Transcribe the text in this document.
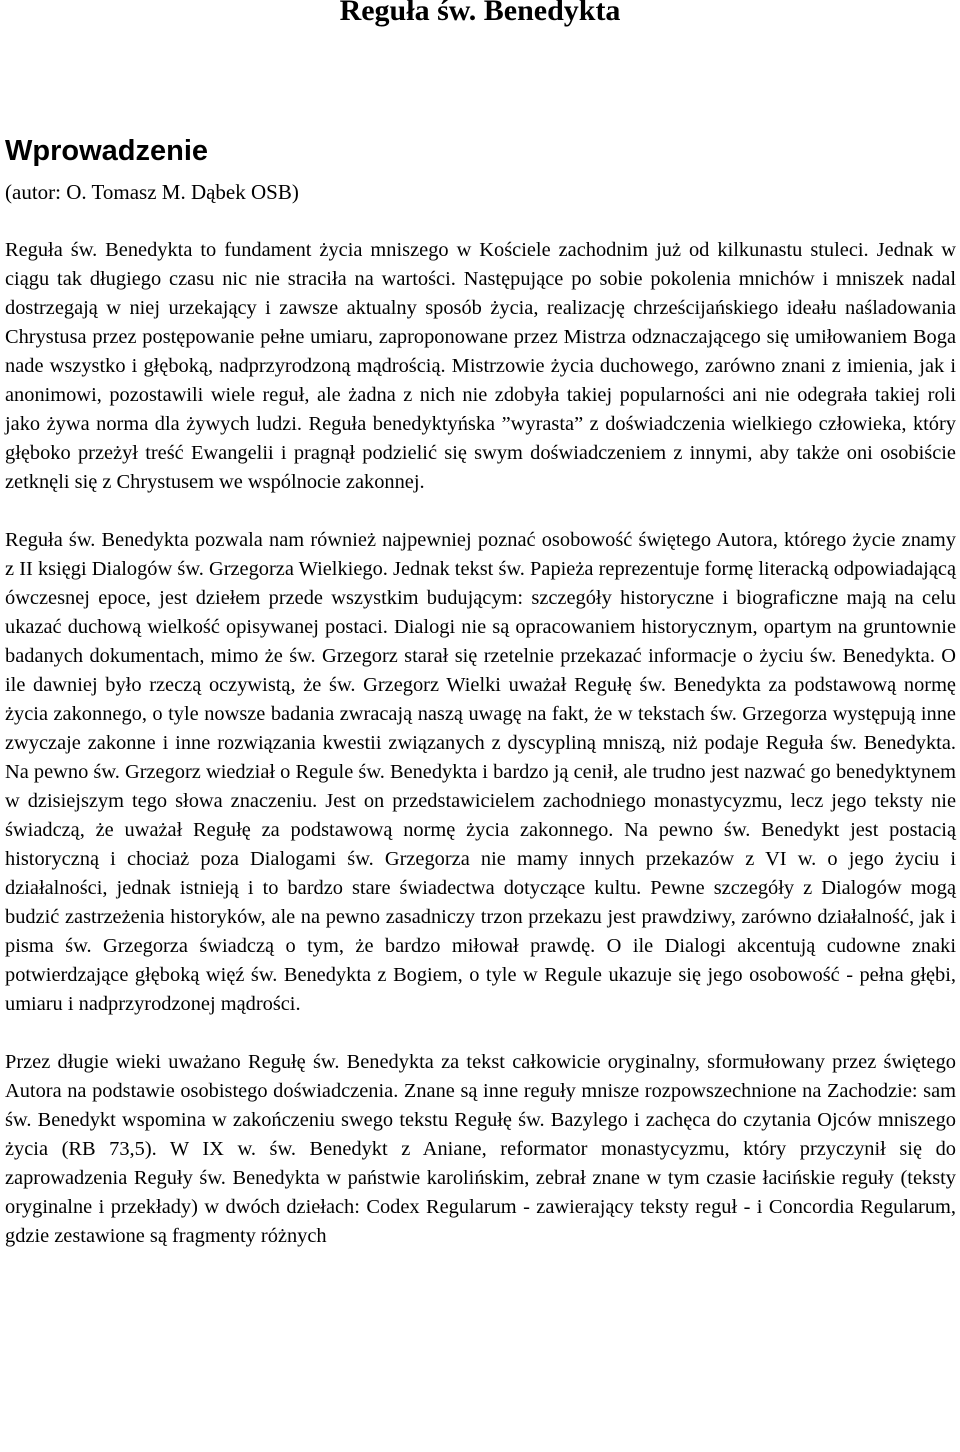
Reguła św. Benedykta
Wprowadzenie

(autor: O. Tomasz M. Dąbek OSB)

Reguła św. Benedykta to fundament życia mniszego w Kościele zachodnim już od kilkunastu stuleci. Jednak w ciągu tak długiego czasu nic nie straciła na wartości. Następujące po sobie pokolenia mnichów i mniszek nadal dostrzegają w niej urzekający i zawsze aktualny sposób życia, realizację chrześcijańskiego ideału naśladowania Chrystusa przez postępowanie pełne umiaru, zaproponowane przez Mistrza odznaczającego się umiłowaniem Boga nade wszystko i głęboką, nadprzyrodzoną mądrością. Mistrzowie życia duchowego, zarówno znani z imienia, jak i anonimowi, pozostawili wiele reguł, ale żadna z nich nie zdobyła takiej popularności ani nie odegrała takiej roli jako żywa norma dla żywych ludzi. Reguła benedyktyńska ”wyrasta” z doświadczenia wielkiego człowieka, który głęboko przeżył treść Ewangelii i pragnął podzielić się swym doświadczeniem z innymi, aby także oni osobiście zetknęli się z Chrystusem we wspólnocie zakonnej.

Reguła św. Benedykta pozwala nam również najpewniej poznać osobowość świętego Autora, którego życie znamy z II księgi Dialogów św. Grzegorza Wielkiego. Jednak tekst św. Papieża reprezentuje formę literacką odpowiadającą ówczesnej epoce, jest dziełem przede wszystkim budującym: szczegóły historyczne i biograficzne mają na celu ukazać duchową wielkość opisywanej postaci. Dialogi nie są opracowaniem historycznym, opartym na gruntownie badanych dokumentach, mimo że św. Grzegorz starał się rzetelnie przekazać informacje o życiu św. Benedykta. O ile dawniej było rzeczą oczywistą, że św. Grzegorz Wielki uważał Regułę św. Benedykta za podstawową normę życia zakonnego, o tyle nowsze badania zwracają naszą uwagę na fakt, że w tekstach św. Grzegorza występują inne zwyczaje zakonne i inne rozwiązania kwestii związanych z dyscypliną mniszą, niż podaje Reguła św. Benedykta. Na pewno św. Grzegorz wiedział o Regule św. Benedykta i bardzo ją cenił, ale trudno jest nazwać go benedyktynem w dzisiejszym tego słowa znaczeniu. Jest on przedstawicielem zachodniego monastycyzmu, lecz jego teksty nie świadczą, że uważał Regułę za podstawową normę życia zakonnego. Na pewno św. Benedykt jest postacią historyczną i chociaż poza Dialogami św. Grzegorza nie mamy innych przekazów z VI w. o jego życiu i działalności, jednak istnieją i to bardzo stare świadectwa dotyczące kultu. Pewne szczegóły z Dialogów mogą budzić zastrzeżenia historyków, ale na pewno zasadniczy trzon przekazu jest prawdziwy, zarówno działalność, jak i pisma św. Grzegorza świadczą o tym, że bardzo miłował prawdę. O ile Dialogi akcentują cudowne znaki potwierdzające głęboką więź św. Benedykta z Bogiem, o tyle w Regule ukazuje się jego osobowość - pełna głębi, umiaru i nadprzyrodzonej mądrości.

Przez długie wieki uważano Regułę św. Benedykta za tekst całkowicie oryginalny, sformułowany przez świętego Autora na podstawie osobistego doświadczenia. Znane są inne reguły mnisze rozpowszechnione na Zachodzie: sam św. Benedykt wspomina w zakończeniu swego tekstu Regułę św. Bazylego i zachęca do czytania Ojców mniszego życia (RB 73,5). W IX w. św. Benedykt z Aniane, reformator monastycyzmu, który przyczynił się do zaprowadzenia Reguły św. Benedykta w państwie karolińskim, zebrał znane w tym czasie łacińskie reguły (teksty oryginalne i przekłady) w dwóch dziełach: Codex Regularum - zawierający teksty reguł - i Concordia Regularum, gdzie zestawione są fragmenty różnych
